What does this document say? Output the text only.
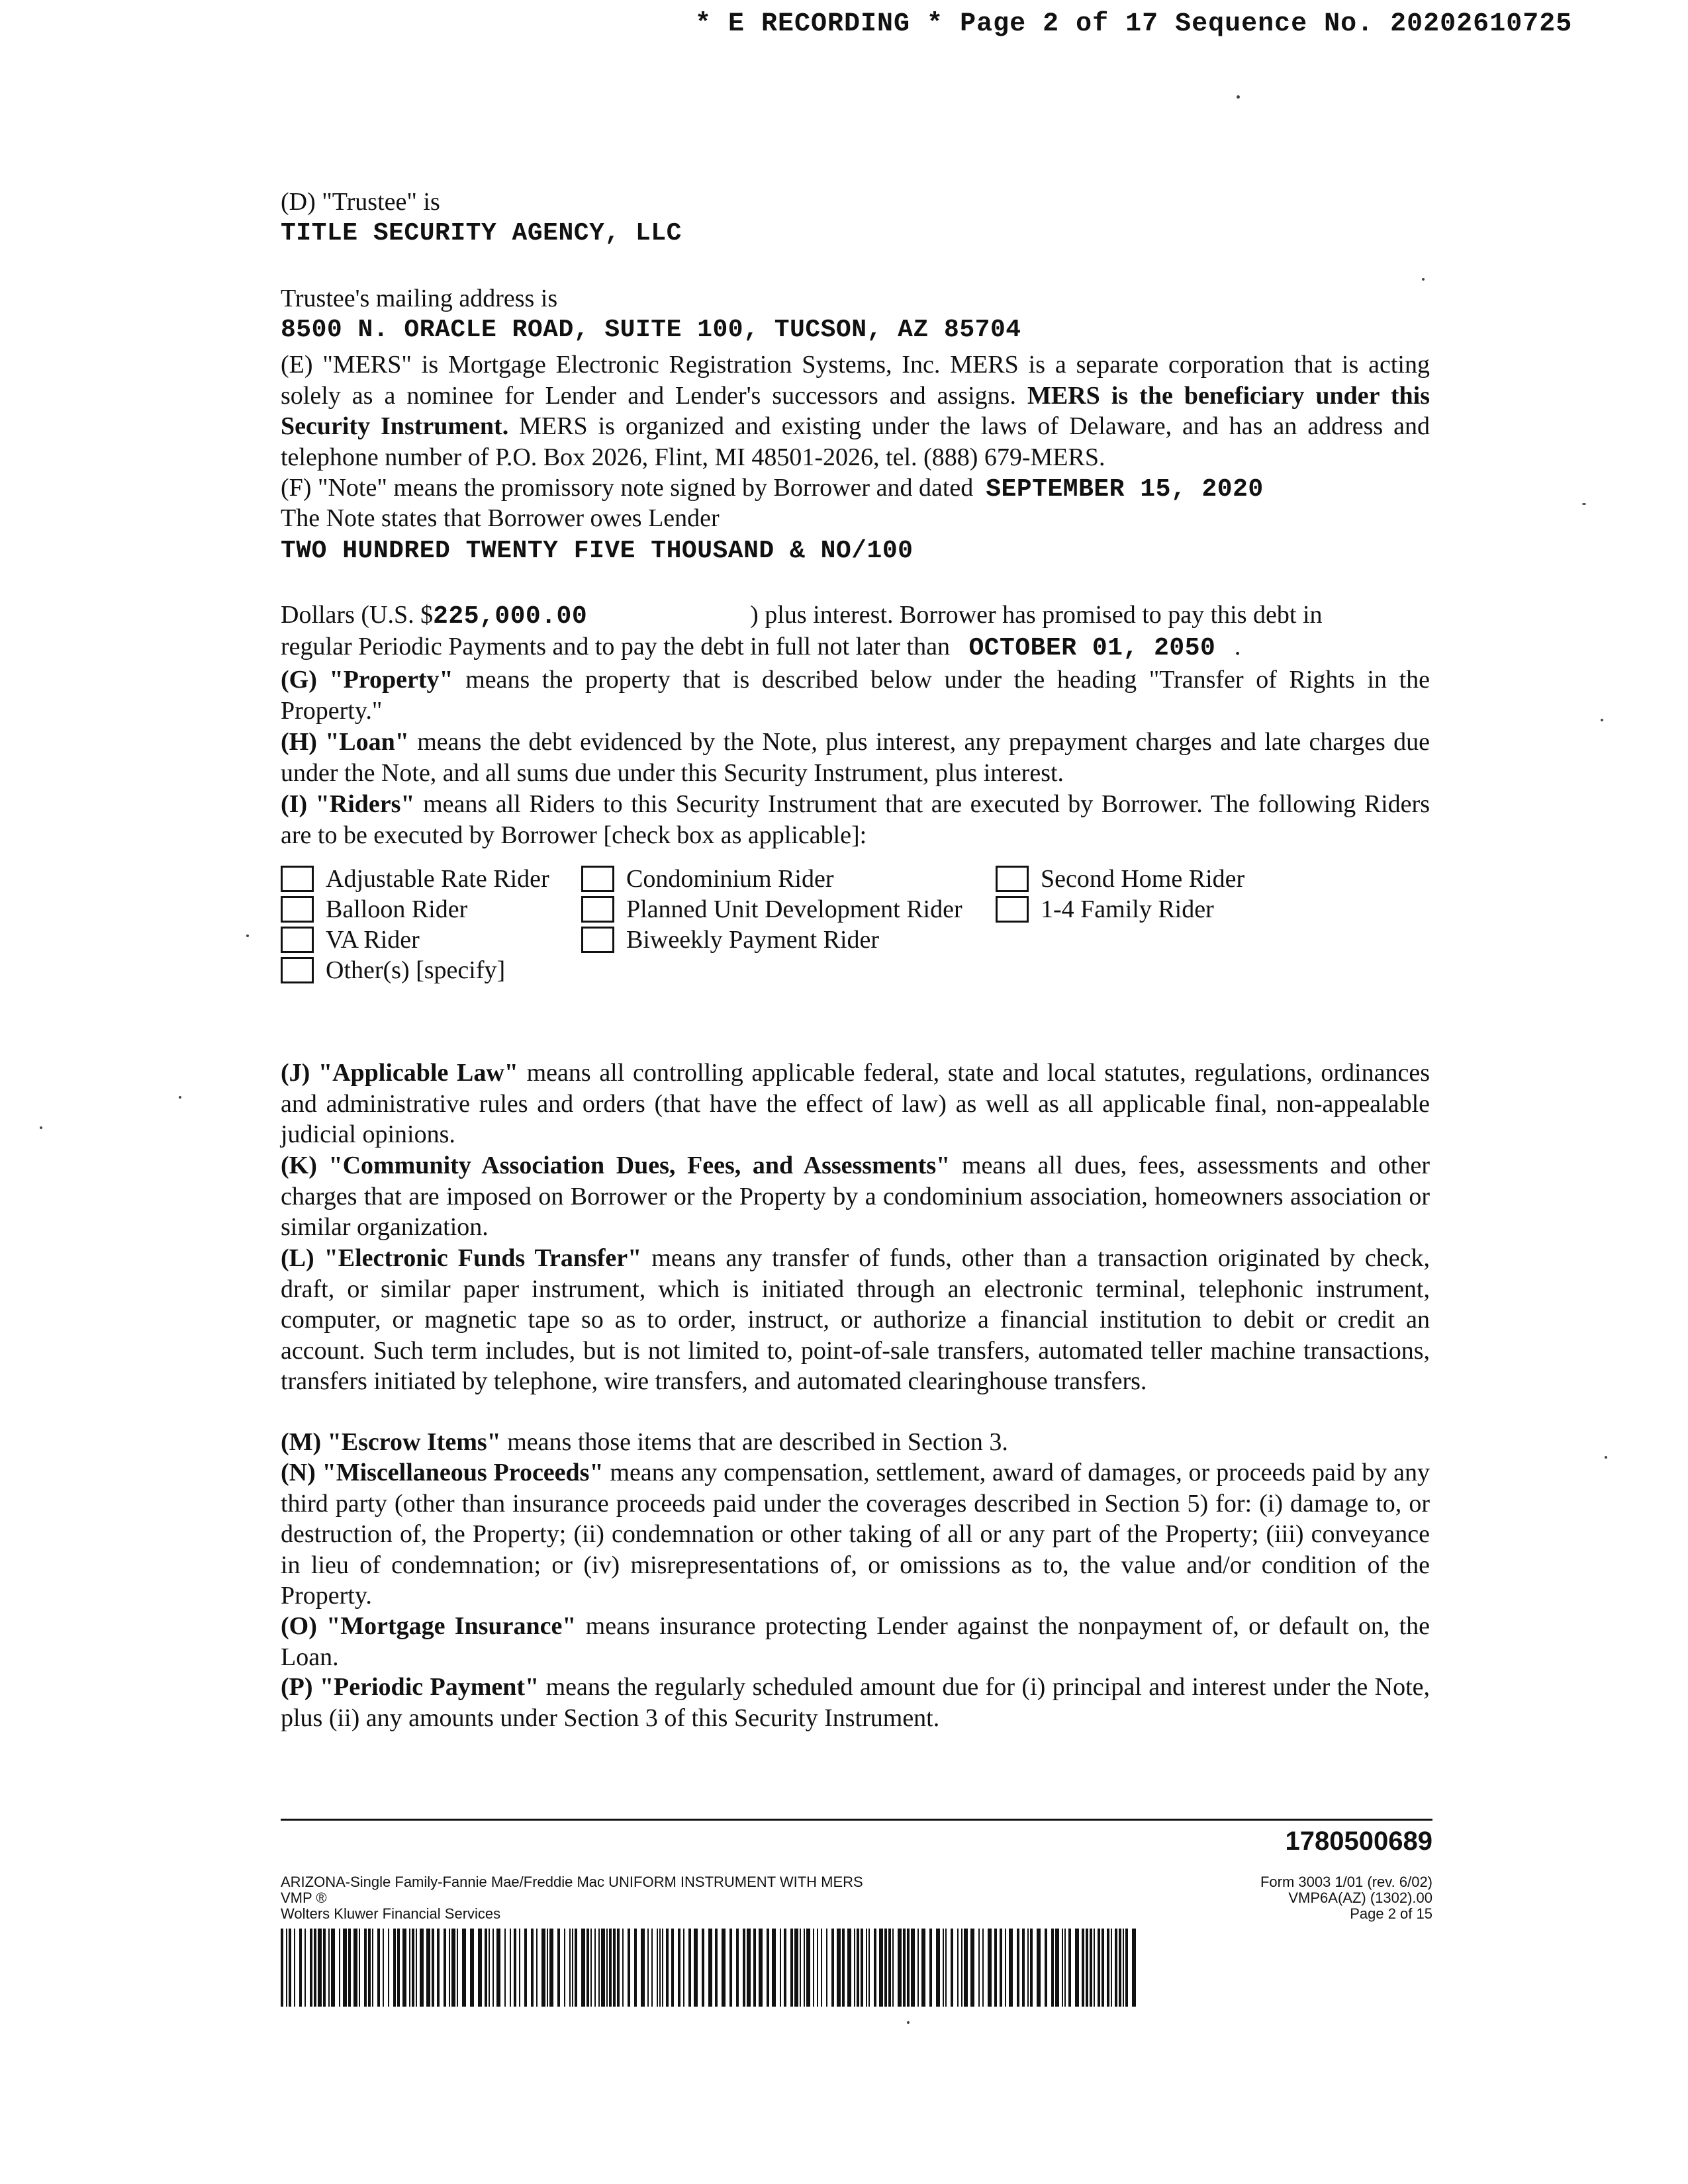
* E RECORDING * Page 2 of 17 Sequence No. 20202610725
(D) "Trustee" is
TITLE SECURITY AGENCY, LLC
Trustee's mailing address is
8500 N. ORACLE ROAD, SUITE 100, TUCSON, AZ 85704
(E) "MERS" is Mortgage Electronic Registration Systems, Inc. MERS is a separate corporation that is acting solely as a nominee for Lender and Lender's successors and assigns. MERS is the beneficiary under this Security Instrument. MERS is organized and existing under the laws of Delaware, and has an address and telephone number of P.O. Box 2026, Flint, MI 48501-2026, tel. (888) 679-MERS.
(F) "Note" means the promissory note signed by Borrower and dated SEPTEMBER 15, 2020
The Note states that Borrower owes Lender
TWO HUNDRED TWENTY FIVE THOUSAND & NO/100
Dollars (U.S. $225,000.00	) plus interest. Borrower has promised to pay this debt in
regular Periodic Payments and to pay the debt in full not later than OCTOBER 01, 2050 .
(G) "Property" means the property that is described below under the heading "Transfer of Rights in the Property."
(H) "Loan" means the debt evidenced by the Note, plus interest, any prepayment charges and late charges due under the Note, and all sums due under this Security Instrument, plus interest.
(I) "Riders" means all Riders to this Security Instrument that are executed by Borrower. The following Riders are to be executed by Borrower [check box as applicable]:
Adjustable Rate Rider	Condominium Rider	Second Home Rider
Balloon Rider	Planned Unit Development Rider	1-4 Family Rider
VA Rider	Biweekly Payment Rider
Other(s) [specify]
(J) "Applicable Law" means all controlling applicable federal, state and local statutes, regulations, ordinances and administrative rules and orders (that have the effect of law) as well as all applicable final, non-appealable judicial opinions.
(K) "Community Association Dues, Fees, and Assessments" means all dues, fees, assessments and other charges that are imposed on Borrower or the Property by a condominium association, homeowners association or similar organization.
(L) "Electronic Funds Transfer" means any transfer of funds, other than a transaction originated by check, draft, or similar paper instrument, which is initiated through an electronic terminal, telephonic instrument, computer, or magnetic tape so as to order, instruct, or authorize a financial institution to debit or credit an account. Such term includes, but is not limited to, point-of-sale transfers, automated teller machine transactions, transfers initiated by telephone, wire transfers, and automated clearinghouse transfers.
(M) "Escrow Items" means those items that are described in Section 3.
(N) "Miscellaneous Proceeds" means any compensation, settlement, award of damages, or proceeds paid by any third party (other than insurance proceeds paid under the coverages described in Section 5) for: (i) damage to, or destruction of, the Property; (ii) condemnation or other taking of all or any part of the Property; (iii) conveyance in lieu of condemnation; or (iv) misrepresentations of, or omissions as to, the value and/or condition of the Property.
(O) "Mortgage Insurance" means insurance protecting Lender against the nonpayment of, or default on, the Loan.
(P) "Periodic Payment" means the regularly scheduled amount due for (i) principal and interest under the Note, plus (ii) any amounts under Section 3 of this Security Instrument.
1780500689
ARIZONA-Single Family-Fannie Mae/Freddie Mac UNIFORM INSTRUMENT WITH MERS
VMP ®
Wolters Kluwer Financial Services
Form 3003 1/01 (rev. 6/02)
VMP6A(AZ) (1302).00
Page 2 of 15
